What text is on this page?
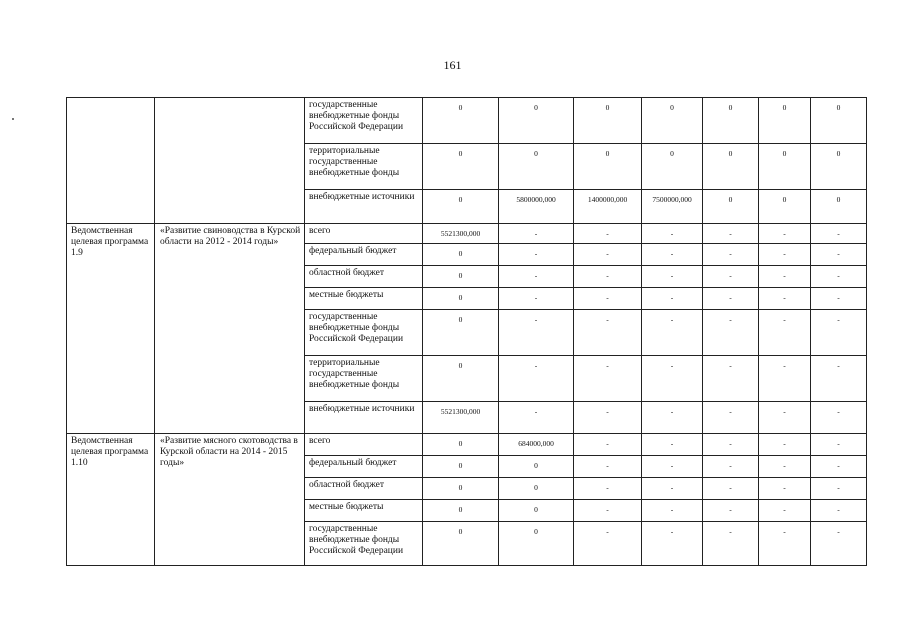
161
		государственные внебюджетные фонды Российской Федерации	0	0	0	0	0	0	0
		территориальные государственные внебюджетные фонды	0	0	0	0	0	0	0
		внебюджетные источники	0	5800000,000	1400000,000	7500000,000	0	0	0
Ведомственная целевая программа 1.9	«Развитие свиноводства в Курской области на 2012 - 2014 годы»	всего	5521300,000	-	-	-	-	-	-
		федеральный бюджет	0	-	-	-	-	-	-
		областной бюджет	0	-	-	-	-	-	-
		местные бюджеты	0	-	-	-	-	-	-
		государственные внебюджетные фонды Российской Федерации	0	-	-	-	-	-	-
		территориальные государственные внебюджетные фонды	0	-	-	-	-	-	-
		внебюджетные источники	5521300,000	-	-	-	-	-	-
Ведомственная целевая программа 1.10	«Развитие мясного скотоводства в Курской области на 2014 - 2015 годы»	всего	0	684000,000	-	-	-	-	-
		федеральный бюджет	0	0	-	-	-	-	-
		областной бюджет	0	0	-	-	-	-	-
		местные бюджеты	0	0	-	-	-	-	-
		государственные внебюджетные фонды Российской Федерации	0	0	-	-	-	-	-
